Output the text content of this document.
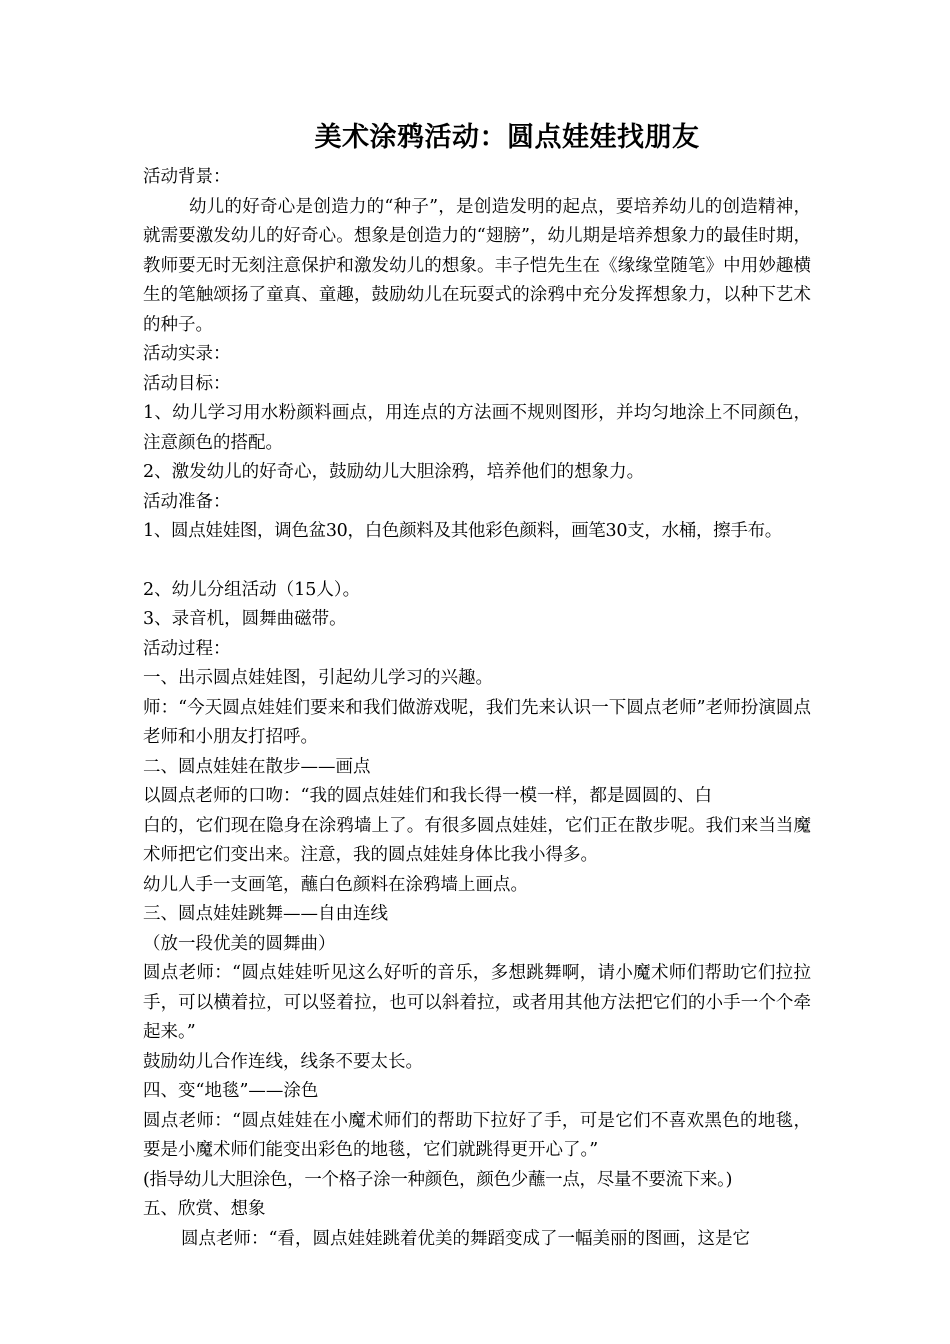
美术涂鸦活动：圆点娃娃找朋友
活动背景：
幼儿的好奇心是创造力的“种子”，是创造发明的起点，要培养幼儿的创造精神，就需要激发幼儿的好奇心。想象是创造力的“翅膀”，幼儿期是培养想象力的最佳时期，教师要无时无刻注意保护和激发幼儿的想象。丰子恺先生在《缘缘堂随笔》中用妙趣横生的笔触颂扬了童真、童趣，鼓励幼儿在玩耍式的涂鸦中充分发挥想象力，以种下艺术的种子。
活动实录：
活动目标：
1、幼儿学习用水粉颜料画点，用连点的方法画不规则图形，并均匀地涂上不同颜色，注意颜色的搭配。
2、激发幼儿的好奇心，鼓励幼儿大胆涂鸦，培养他们的想象力。
活动准备：
1、圆点娃娃图，调色盆30，白色颜料及其他彩色颜料，画笔30支，水桶，擦手布。
2、幼儿分组活动（15人）。
3、录音机，圆舞曲磁带。
活动过程：
一、出示圆点娃娃图，引起幼儿学习的兴趣。
师：“今天圆点娃娃们要来和我们做游戏呢，我们先来认识一下圆点老师”老师扮演圆点老师和小朋友打招呼。
二、圆点娃娃在散步——画点
以圆点老师的口吻：“我的圆点娃娃们和我长得一模一样，都是圆圆的、白
白的，它们现在隐身在涂鸦墙上了。有很多圆点娃娃，它们正在散步呢。我们来当当魔术师把它们变出来。注意，我的圆点娃娃身体比我小得多。
幼儿人手一支画笔，蘸白色颜料在涂鸦墙上画点。
三、圆点娃娃跳舞——自由连线
（放一段优美的圆舞曲）
圆点老师：“圆点娃娃听见这么好听的音乐，多想跳舞啊，请小魔术师们帮助它们拉拉手，可以横着拉，可以竖着拉，也可以斜着拉，或者用其他方法把它们的小手一个个牵起来。”
鼓励幼儿合作连线，线条不要太长。
四、变“地毯”——涂色
圆点老师：“圆点娃娃在小魔术师们的帮助下拉好了手，可是它们不喜欢黑色的地毯，要是小魔术师们能变出彩色的地毯，它们就跳得更开心了。”
(指导幼儿大胆涂色，一个格子涂一种颜色，颜色少蘸一点，尽量不要流下来。)
五、欣赏、想象
圆点老师：“看，圆点娃娃跳着优美的舞蹈变成了一幅美丽的图画，这是它
